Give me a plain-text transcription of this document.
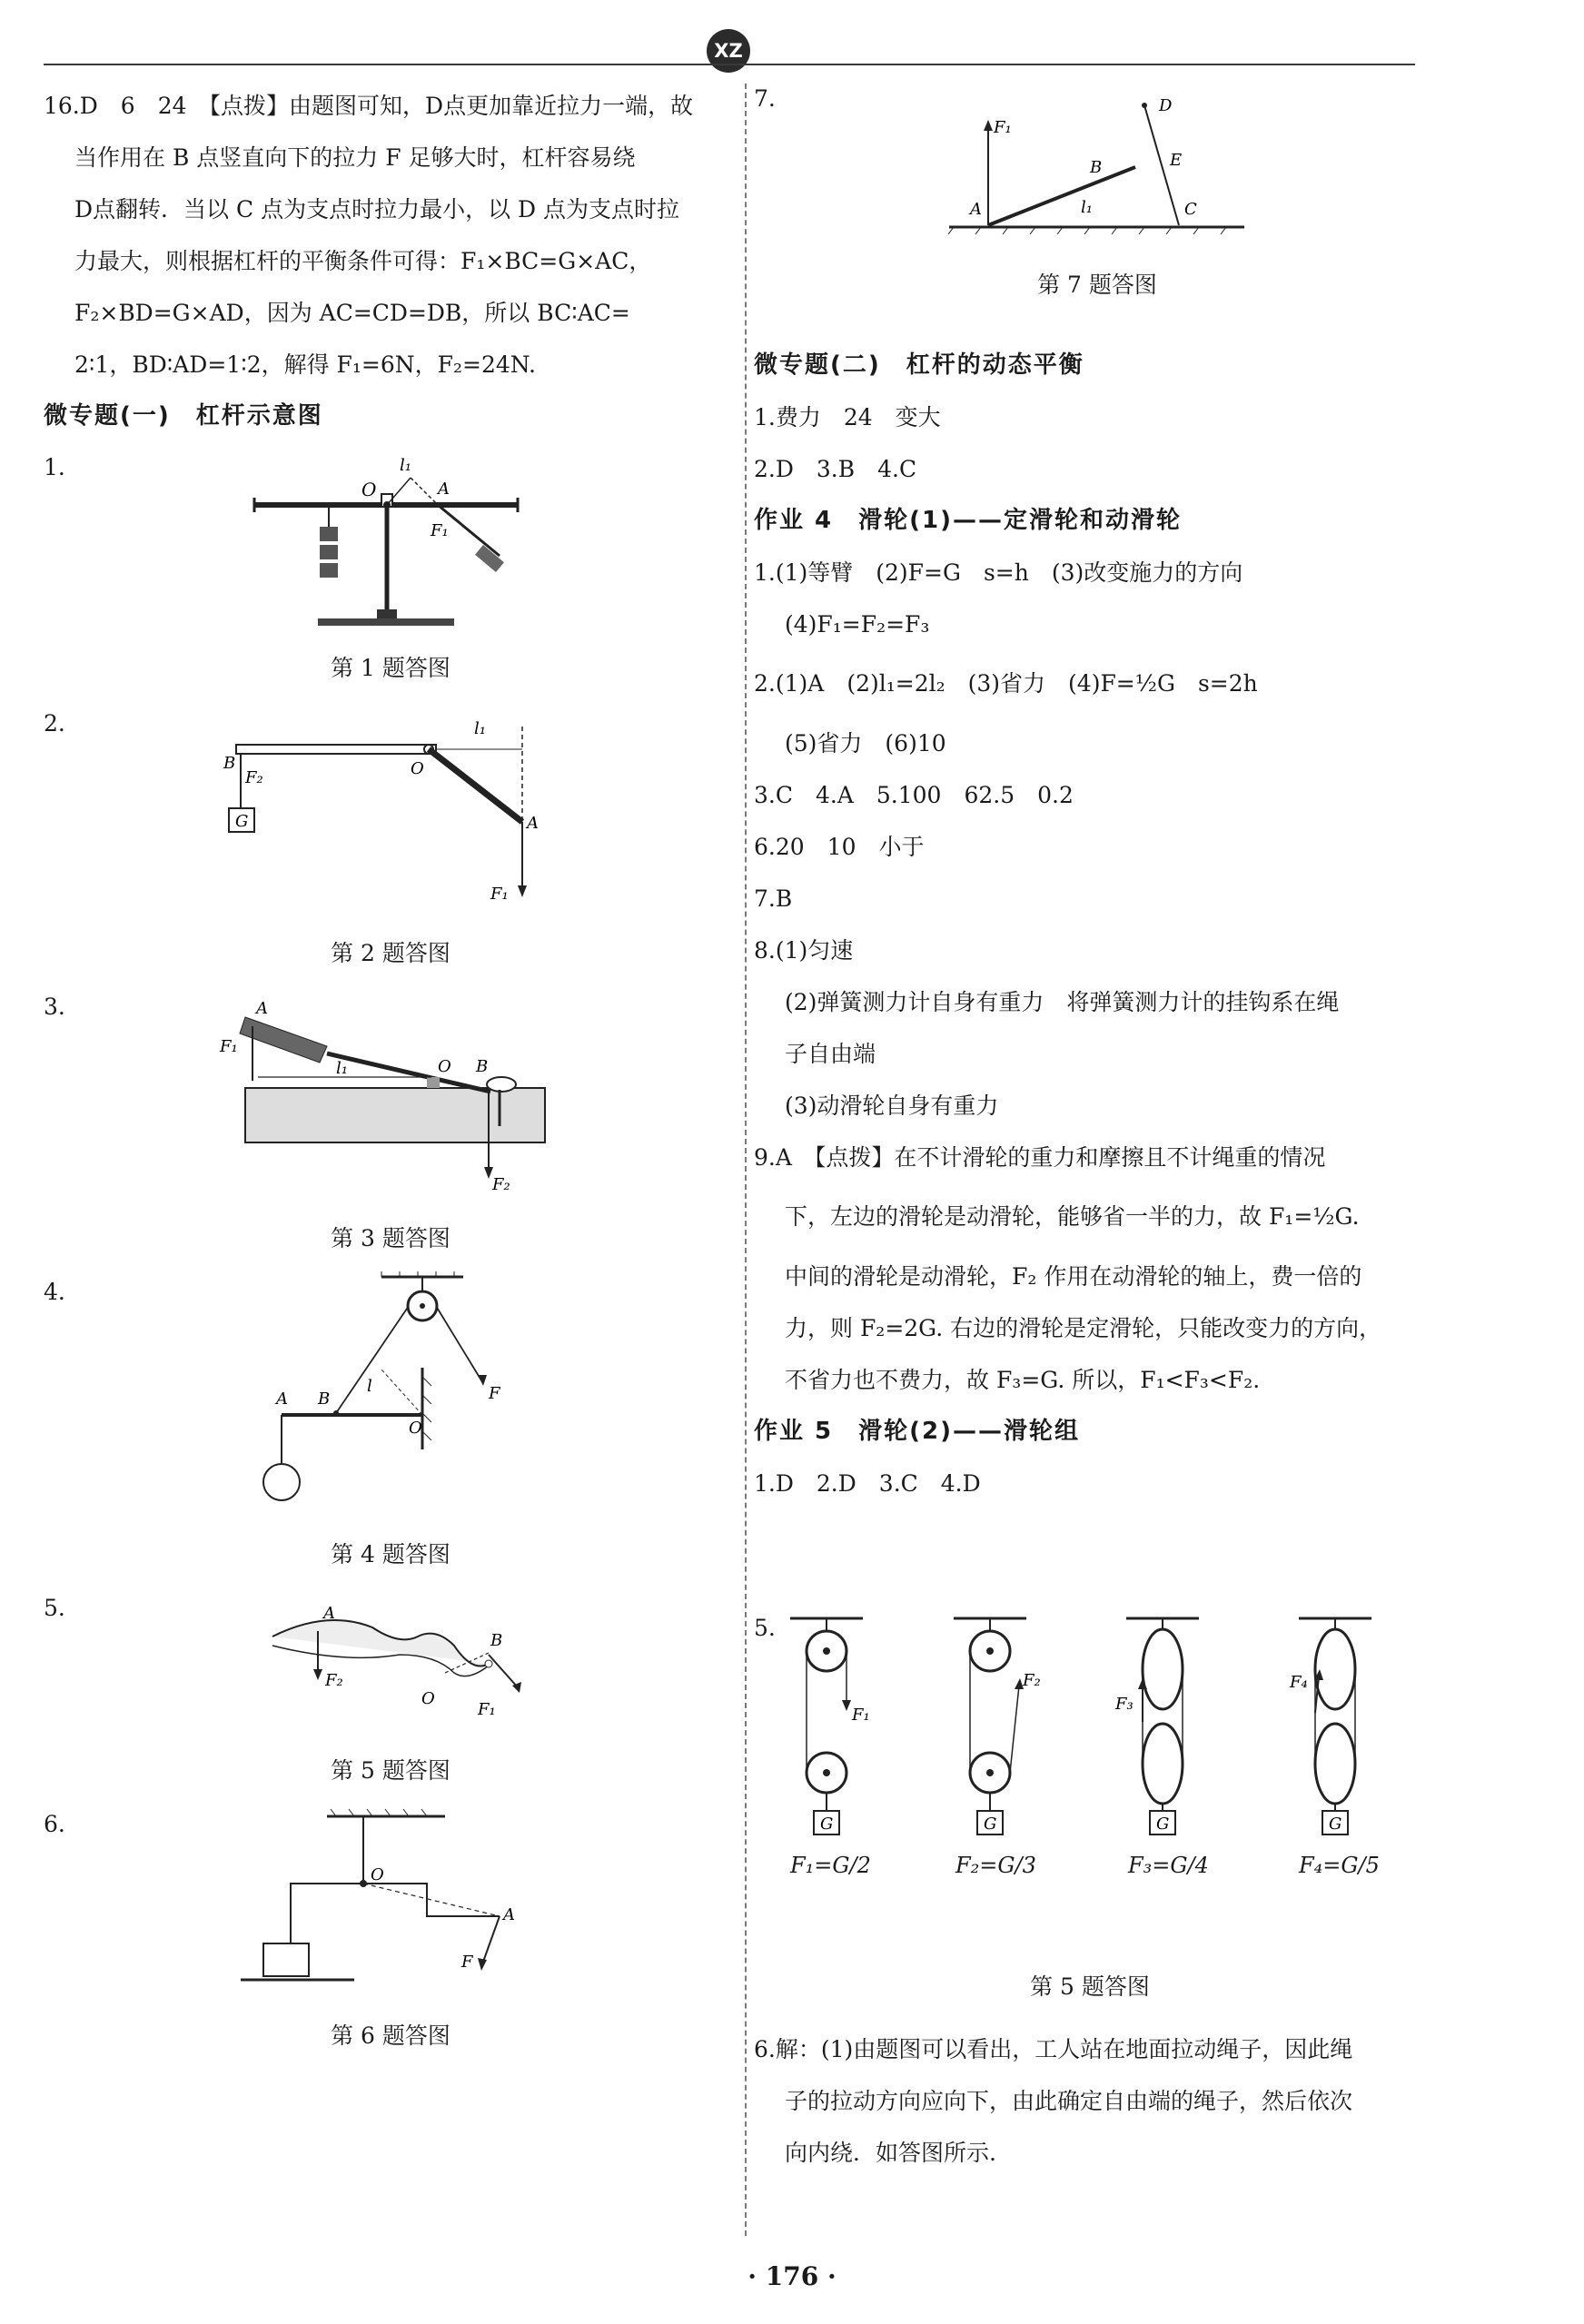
XZ

16.D　6　24　【点拨】由题图可知，D点更加靠近拉力一端，故

当作用在 B 点竖直向下的拉力 F 足够大时，杠杆容易绕

D点翻转．当以 C 点为支点时拉力最小，以 D 点为支点时拉

力最大，则根据杠杆的平衡条件可得：F₁×BC=G×AC，

F₂×BD=G×AD，因为 AC=CD=DB，所以 BC∶AC=

2∶1，BD∶AD=1∶2，解得 F₁=6N，F₂=24N.

微专题(一)　杠杆示意图

1.
2.
3.
4.
5.
6.
O
l₁
A
F₁
第 1 题答图
G
B
F₂	O
l₁
A
F₁
第 2 题答图
A
F₁
l₁	O B
F₂
第 3 题答图
A B
l
O
F
第 4 题答图
A
F₂
B
O
F₁
第 5 题答图
O
A
F
第 6 题答图
7.
F₁
A
B
l₁
D
E
C
第 7 题答图

微专题(二)　杠杆的动态平衡

1.费力　24　变大

2.D　3.B　4.C

作业 4　滑轮(1)——定滑轮和动滑轮

1.(1)等臂　(2)F=G　s=h　(3)改变施力的方向

(4)F₁=F₂=F₃

2.(1)A　(2)l₁=2l₂　(3)省力　(4)F=½G　s=2h

(5)省力　(6)10

3.C　4.A　5.100　62.5　0.2

6.20　10　小于

7.B

8.(1)匀速

(2)弹簧测力计自身有重力　将弹簧测力计的挂钩系在绳

子自由端

(3)动滑轮自身有重力

9.A　【点拨】在不计滑轮的重力和摩擦且不计绳重的情况

下，左边的滑轮是动滑轮，能够省一半的力，故 F₁=½G.

中间的滑轮是动滑轮，F₂ 作用在动滑轮的轴上，费一倍的

力，则 F₂=2G. 右边的滑轮是定滑轮，只能改变力的方向，

不省力也不费力，故 F₃=G. 所以，F₁<F₃<F₂.

作业 5　滑轮(2)——滑轮组

1.D　2.D　3.C　4.D

5.
G
F₁
G
F₂
G
F₃
G
F₄
F₁=G/2	F₂=G/3	F₃=G/4	F₄=G/5
第 5 题答图

6.解：(1)由题图可以看出，工人站在地面拉动绳子，因此绳

子的拉动方向应向下，由此确定自由端的绳子，然后依次

向内绕．如答图所示.

· 176 ·
